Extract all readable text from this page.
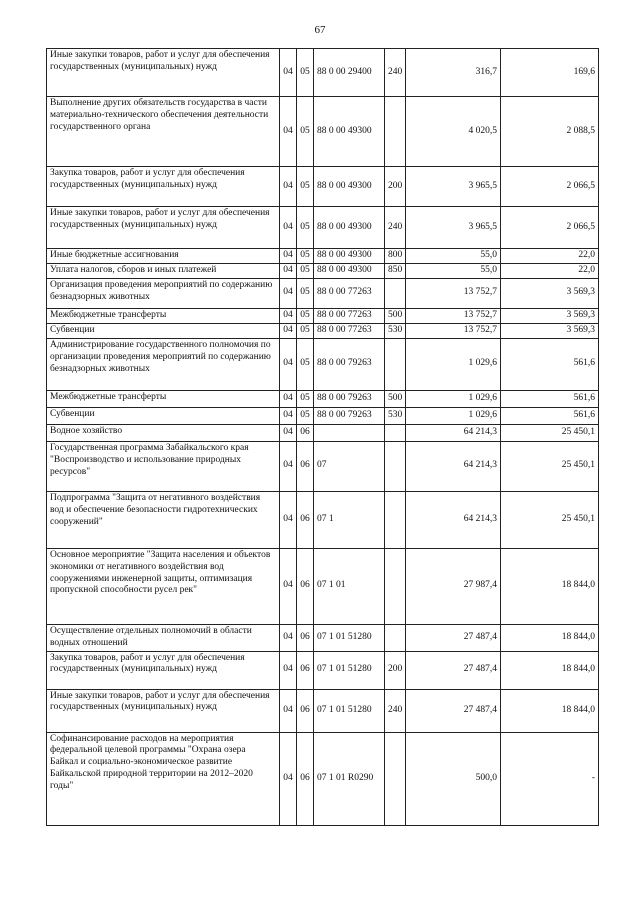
67
Иные закупки товаров, работ и услуг для обеспечения государственных (муниципальных) нужд	04	05	88 0 00 29400	240	316,7	169,6
Выполнение других обязательств государства в части материально-технического обеспечения деятельности государственного органа	04	05	88 0 00 49300		4 020,5	2 088,5
Закупка товаров, работ и услуг для обеспечения государственных (муниципальных) нужд	04	05	88 0 00 49300	200	3 965,5	2 066,5
Иные закупки товаров, работ и услуг для обеспечения государственных (муниципальных) нужд	04	05	88 0 00 49300	240	3 965,5	2 066,5
Иные бюджетные ассигнования	04	05	88 0 00 49300	800	55,0	22,0
Уплата налогов, сборов и иных платежей	04	05	88 0 00 49300	850	55,0	22,0
Организация проведения мероприятий по содержанию безнадзорных животных	04	05	88 0 00 77263		13 752,7	3 569,3
Межбюджетные трансферты	04	05	88 0 00 77263	500	13 752,7	3 569,3
Субвенции	04	05	88 0 00 77263	530	13 752,7	3 569,3
Администрирование государственного полномочия по организации проведения мероприятий по содержанию безнадзорных животных	04	05	88 0 00 79263		1 029,6	561,6
Межбюджетные трансферты	04	05	88 0 00 79263	500	1 029,6	561,6
Субвенции	04	05	88 0 00 79263	530	1 029,6	561,6
Водное хозяйство	04	06			64 214,3	25 450,1
Государственная программа Забайкальского края "Воспроизводство и использование природных ресурсов"	04	06	07		64 214,3	25 450,1
Подпрограмма "Защита от негативного воздействия вод и обеспечение безопасности гидротехнических сооружений"	04	06	07 1		64 214,3	25 450,1
Основное мероприятие "Защита населения и объектов экономики от негативного воздействия вод сооружениями инженерной защиты, оптимизация пропускной способности русел рек"	04	06	07 1 01		27 987,4	18 844,0
Осуществление отдельных полномочий в области водных отношений	04	06	07 1 01 51280		27 487,4	18 844,0
Закупка товаров, работ и услуг для обеспечения государственных (муниципальных) нужд	04	06	07 1 01 51280	200	27 487,4	18 844,0
Иные закупки товаров, работ и услуг для обеспечения государственных (муниципальных) нужд	04	06	07 1 01 51280	240	27 487,4	18 844,0
Софинансирование расходов на мероприятия федеральной целевой программы "Охрана озера Байкал и социально-экономическое развитие Байкальской природной территории на 2012–2020 годы"	04	06	07 1 01 R0290		500,0	-
